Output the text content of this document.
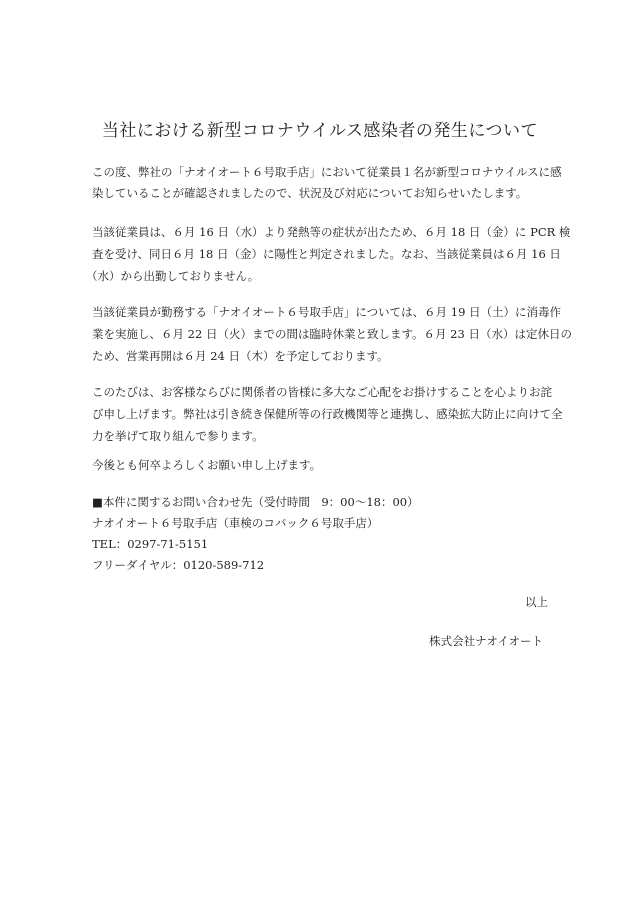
当社における新型コロナウイルス感染者の発生について
この度、弊社の「ナオイオート６号取手店」において従業員１名が新型コロナウイルスに感
染していることが確認されましたので、状況及び対応についてお知らせいたします。
当該従業員は、６月 16 日（水）より発熱等の症状が出たため、６月 18 日（金）に PCR 検
査を受け、同日６月 18 日（金）に陽性と判定されました。なお、当該従業員は６月 16 日
（水）から出勤しておりません。
当該従業員が勤務する「ナオイオート６号取手店」については、６月 19 日（土）に消毒作
業を実施し、６月 22 日（火）までの間は臨時休業と致します。６月 23 日（水）は定休日の
ため、営業再開は６月 24 日（木）を予定しております。
このたびは、お客様ならびに関係者の皆様に多大なご心配をお掛けすることを心よりお詫
び申し上げます。弊社は引き続き保健所等の行政機関等と連携し、感染拡大防止に向けて全
力を挙げて取り組んで参ります。
今後とも何卒よろしくお願い申し上げます。
■本件に関するお問い合わせ先（受付時間　9：00～18：00）
ナオイオート６号取手店（車検のコバック６号取手店）
TEL：0297-71-5151
フリーダイヤル：0120-589-712
以上
株式会社ナオイオート
